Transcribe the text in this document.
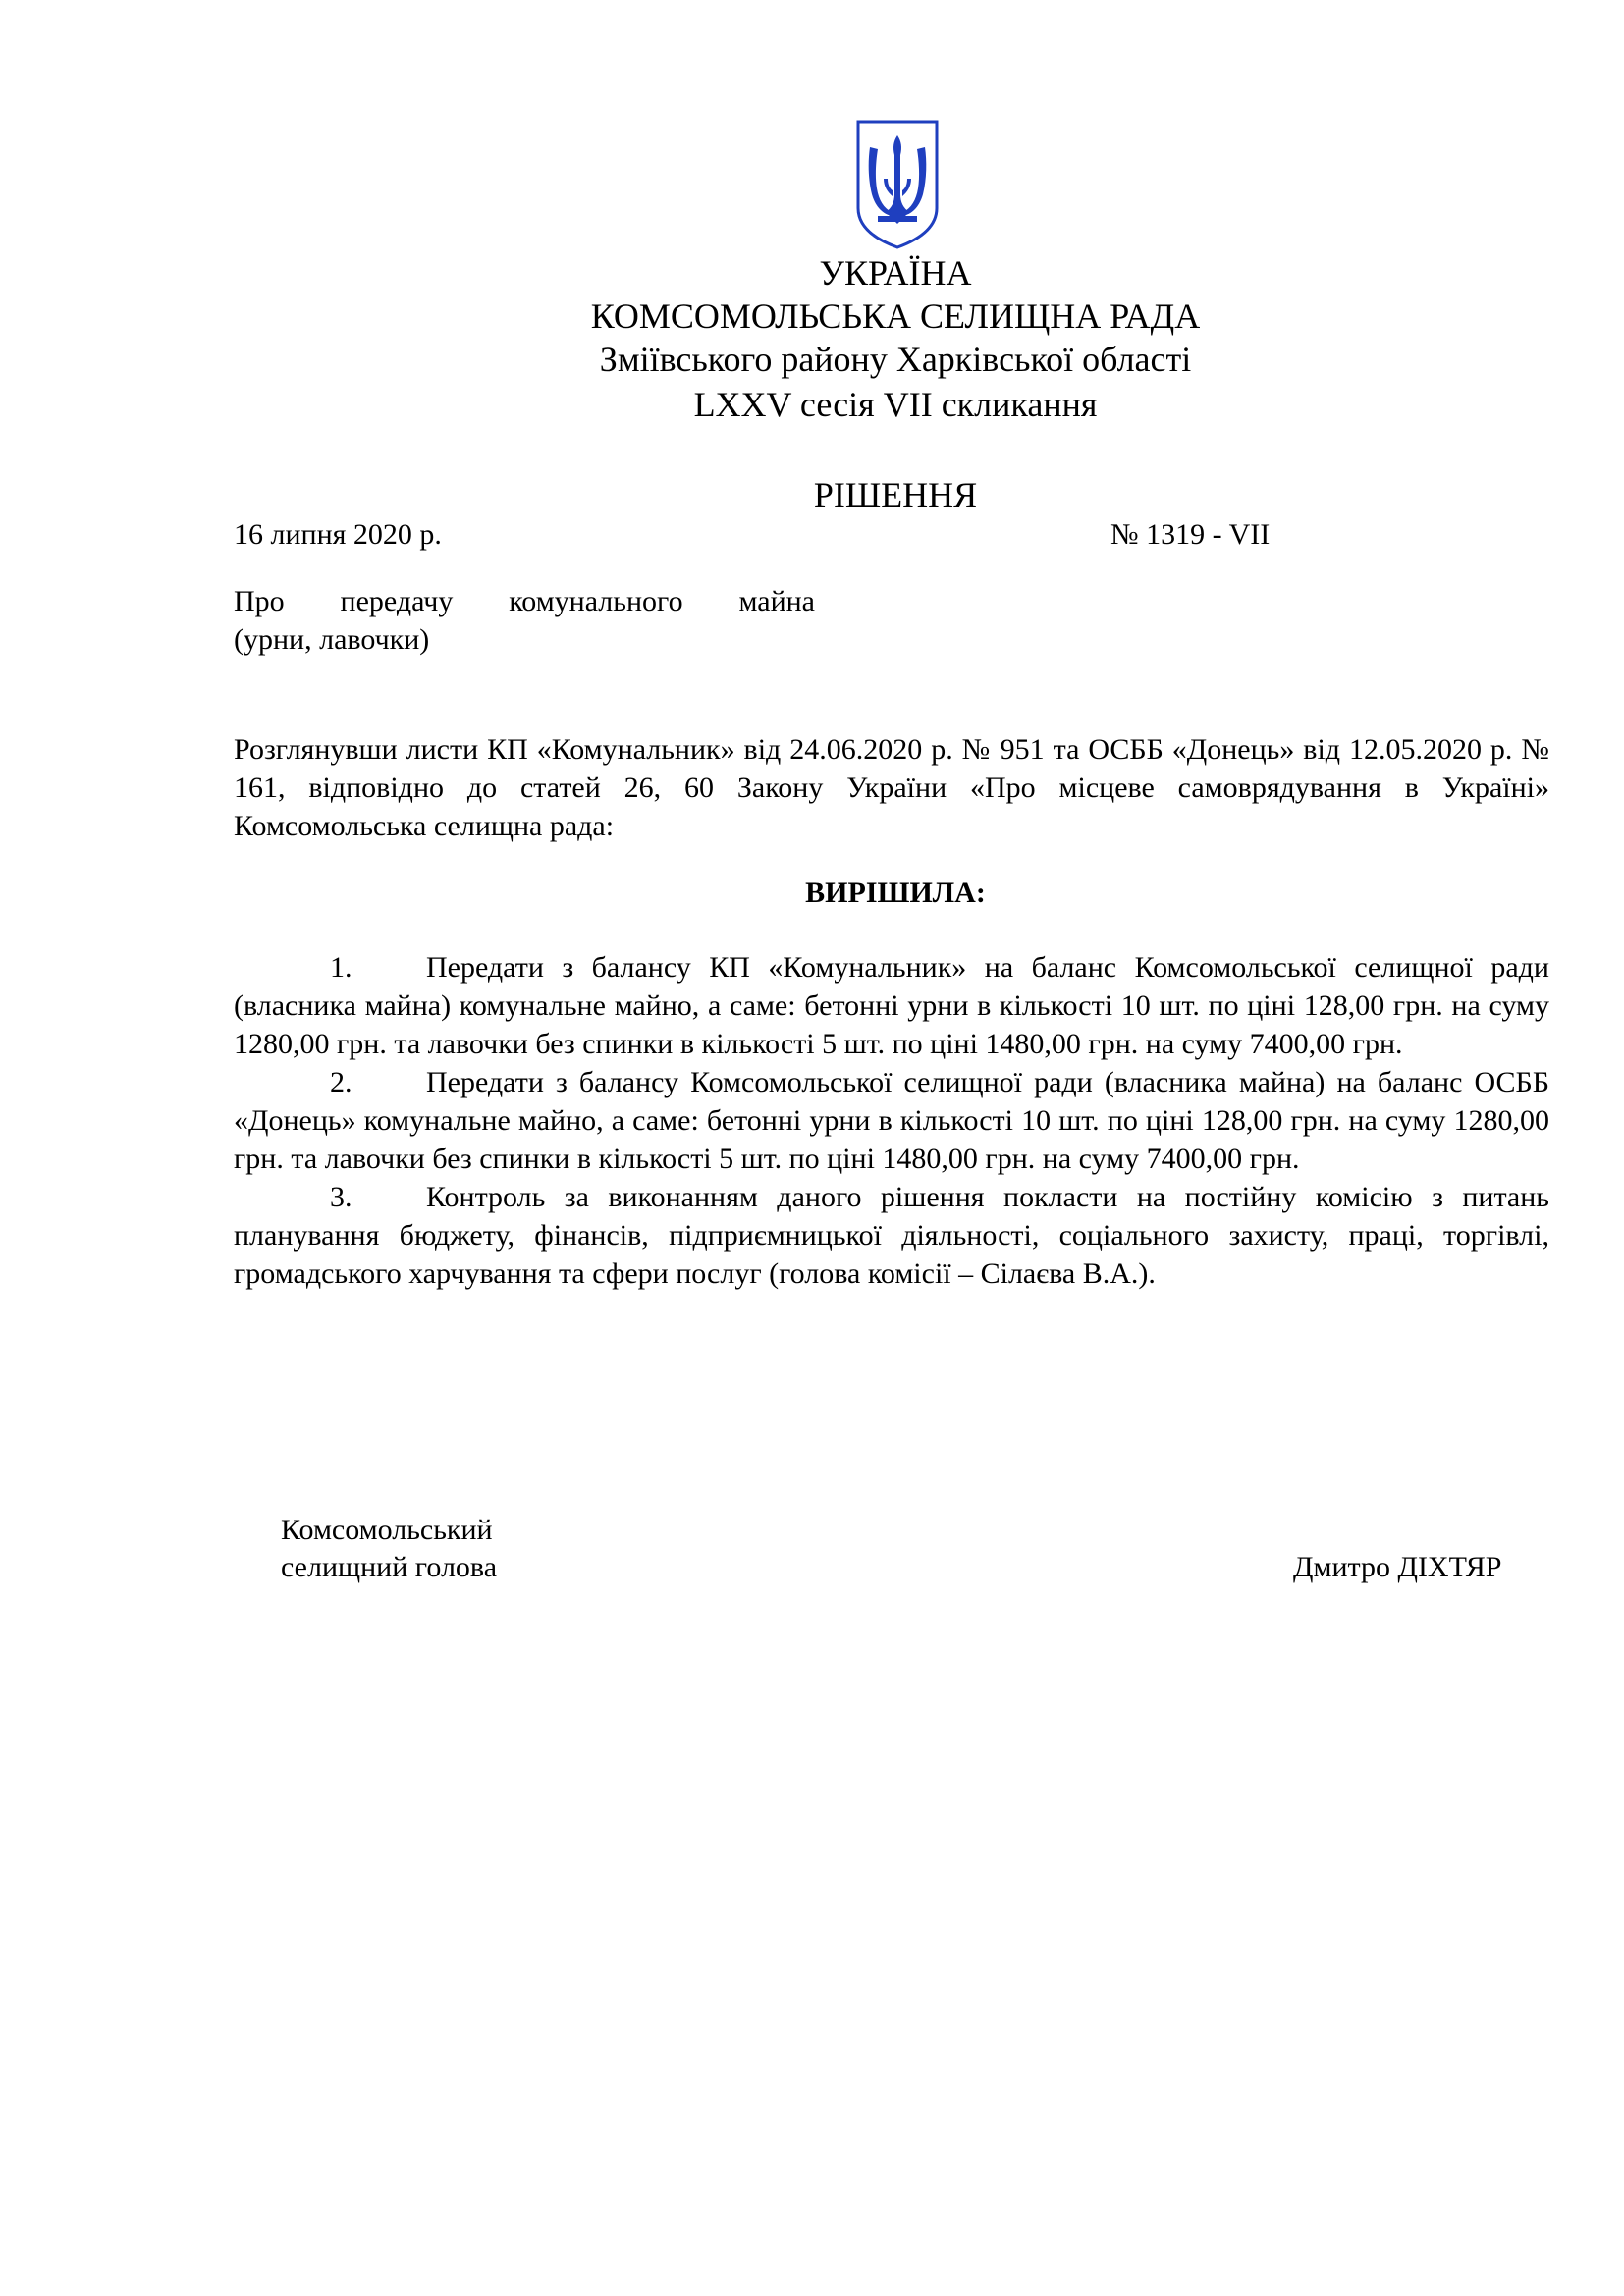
УКРАЇНА
КОМСОМОЛЬСЬКА СЕЛИЩНА РАДА
Зміївського району Харківської області
LXXV сесія VII скликання
РІШЕННЯ
16 липня 2020 р.	№ 1319 - VII
Про передачу комунального майна
(урни, лавочки)

Розглянувши листи КП «Комунальник» від 24.06.2020 р. № 951 та ОСББ «Донець» від 12.05.2020 р. № 161, відповідно до статей 26, 60 Закону України «Про місцеве самоврядування в Україні» Комсомольська селищна рада:

ВИРІШИЛА:

1.	Передати з балансу КП «Комунальник» на баланс Комсомольської селищної ради (власника майна) комунальне майно, а саме: бетонні урни в кількості 10 шт. по ціні 128,00 грн. на суму 1280,00 грн. та лавочки без спинки в кількості 5 шт. по ціні 1480,00 грн. на суму 7400,00 грн.

2.	Передати з балансу Комсомольської селищної ради (власника майна) на баланс ОСББ «Донець» комунальне майно, а саме: бетонні урни в кількості 10 шт. по ціні 128,00 грн. на суму 1280,00 грн. та лавочки без спинки в кількості 5 шт. по ціні 1480,00 грн. на суму 7400,00 грн.

3.	Контроль за виконанням даного рішення покласти на постійну комісію з питань планування бюджету, фінансів, підприємницької діяльності, соціального захисту, праці, торгівлі, громадського харчування та сфери послуг (голова комісії – Сілаєва В.А.).

Комсомольський
селищний голова	Дмитро ДІХТЯР
